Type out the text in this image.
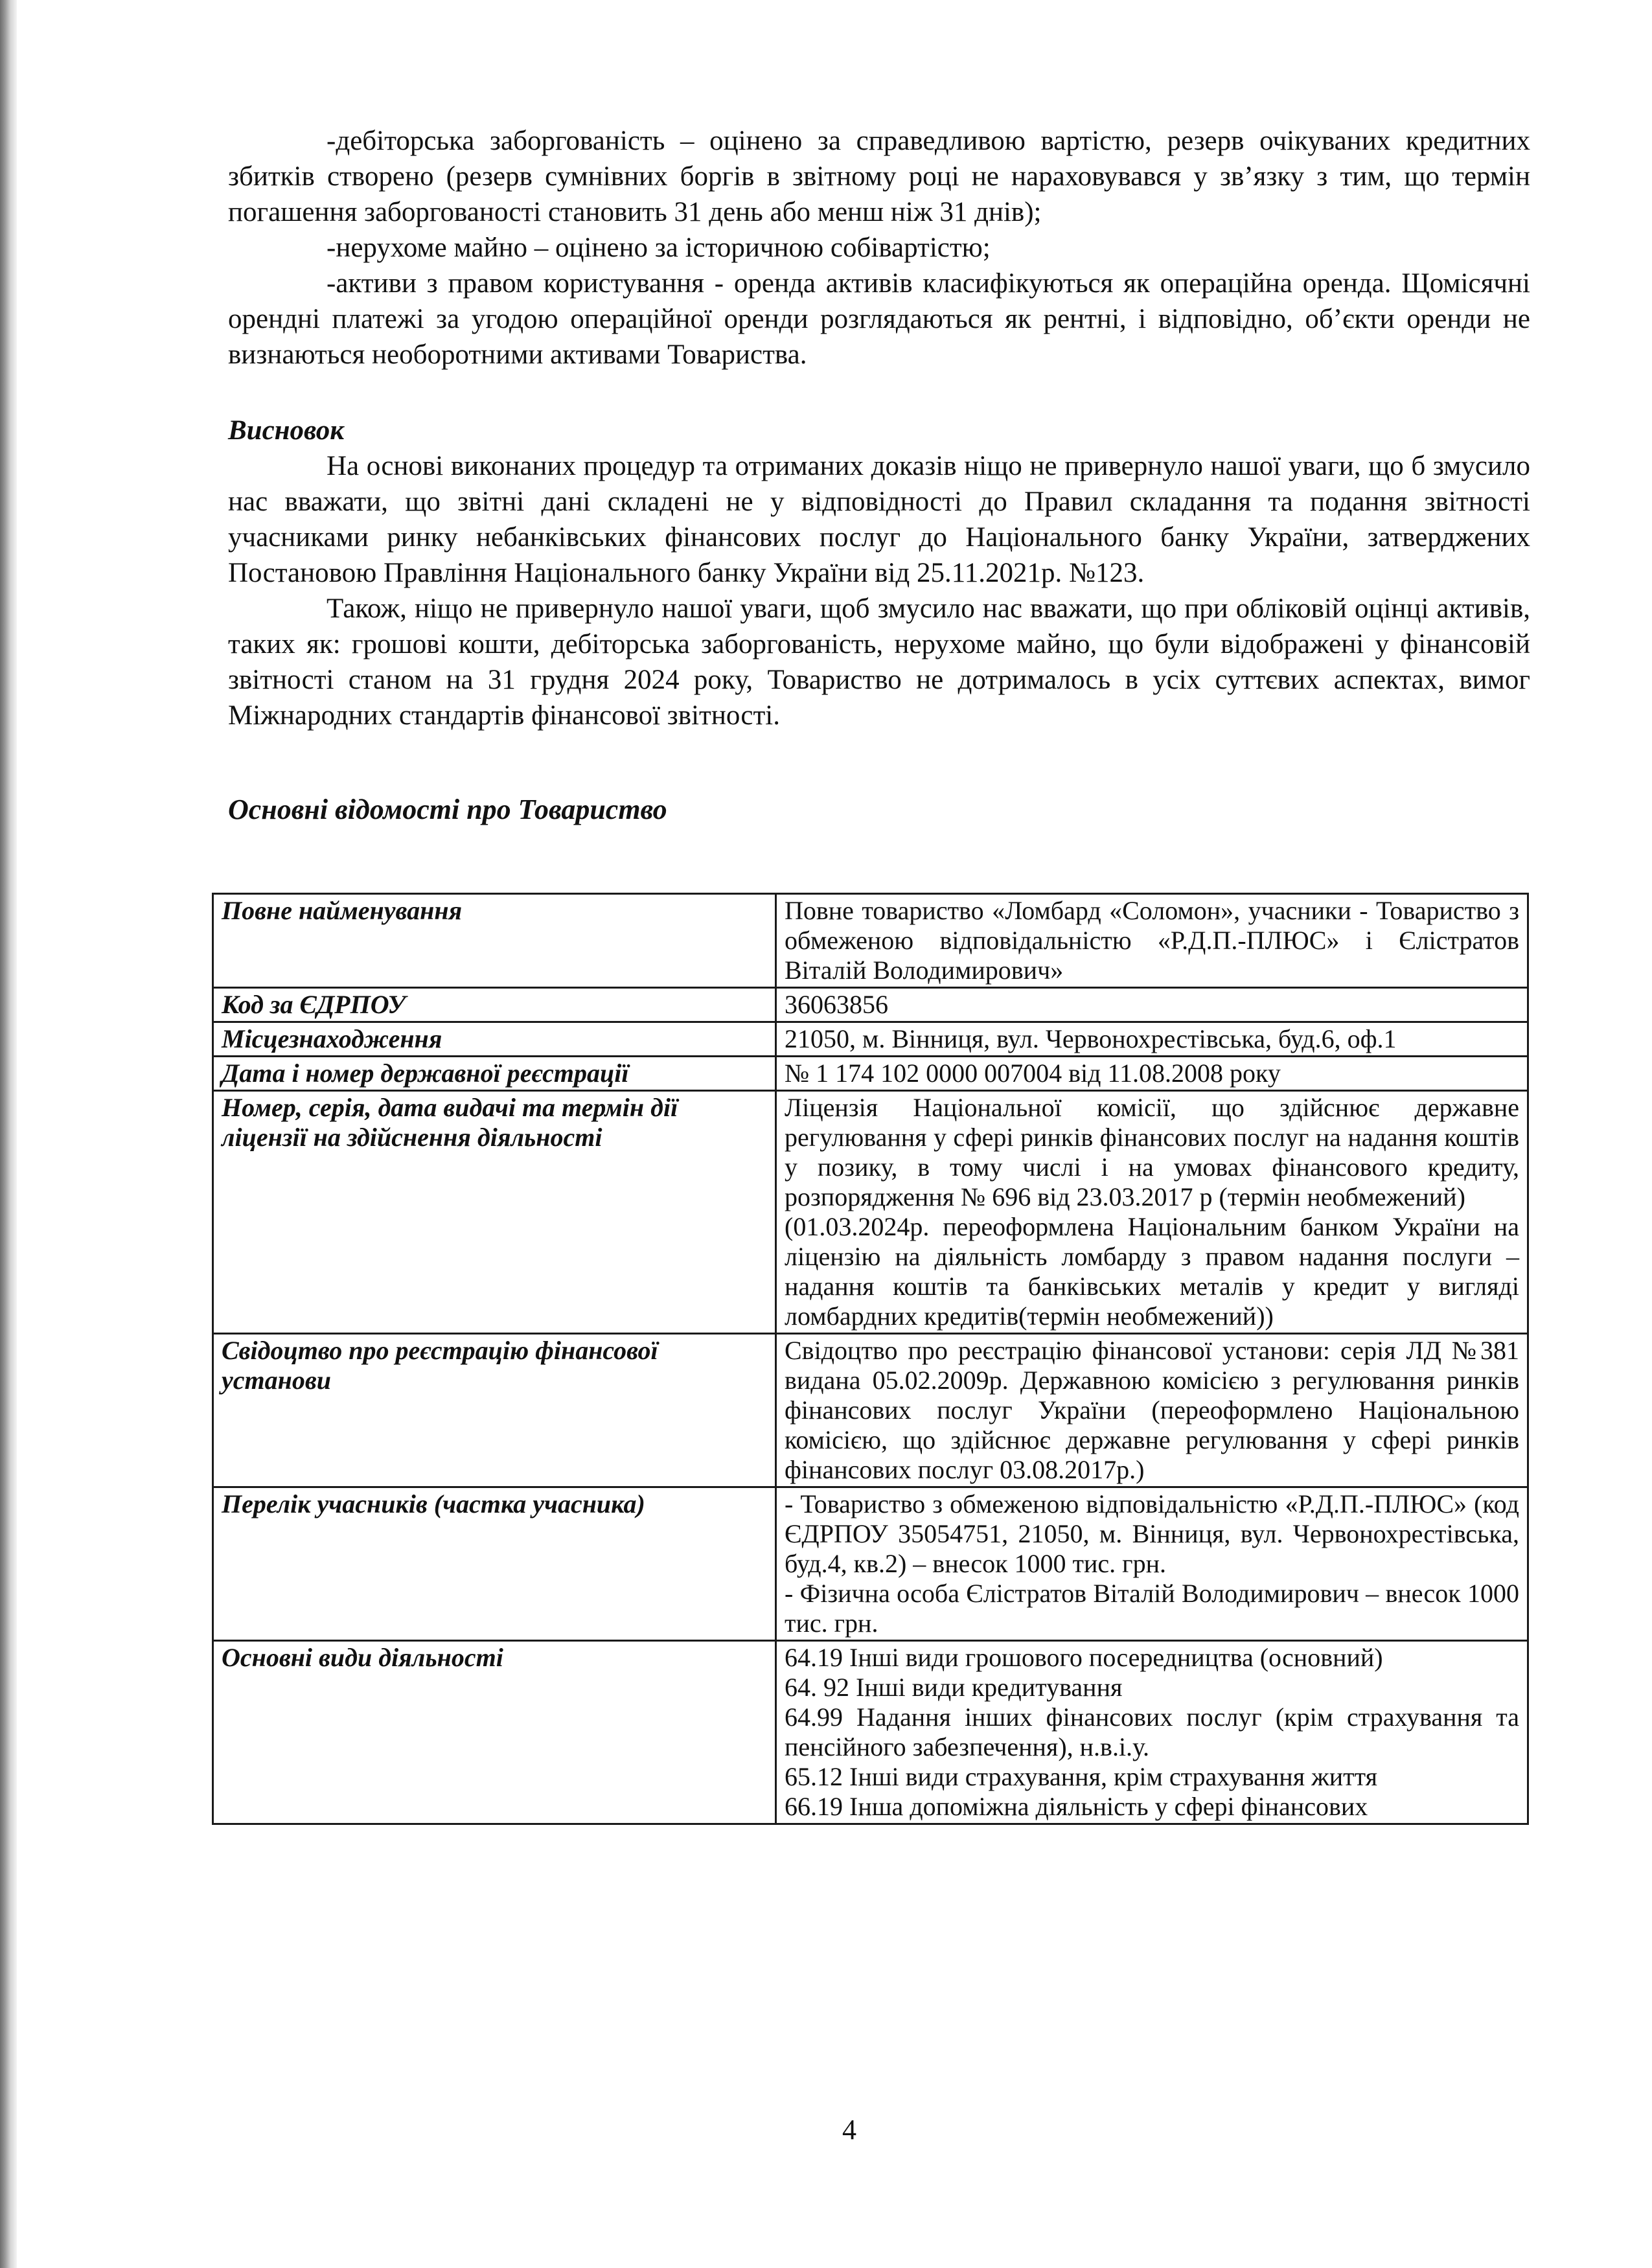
-дебіторська заборгованість – оцінено за справедливою вартістю, резерв очікуваних кредитних збитків створено (резерв сумнівних боргів в звітному році не нараховувався у зв’язку з тим, що термін погашення заборгованості становить 31 день або менш ніж 31 днів);

-нерухоме майно – оцінено за історичною собівартістю;

-активи з правом користування - оренда активів класифікуються як операційна оренда. Щомісячні орендні платежі за угодою операційної оренди розглядаються як рентні, і відповідно, об’єкти оренди не визнаються необоротними активами Товариства.

Висновок

На основі виконаних процедур та отриманих доказів ніщо не привернуло нашої уваги, що б змусило нас вважати, що звітні дані складені не у відповідності до Правил складання та подання звітності учасниками ринку небанківських фінансових послуг до Національного банку України, затверджених Постановою Правління Національного банку України від 25.11.2021р. №123.

Також, ніщо не привернуло нашої уваги, щоб змусило нас вважати, що при обліковій оцінці активів, таких як: грошові кошти, дебіторська заборгованість, нерухоме майно, що були відображені у фінансовій звітності станом на 31 грудня 2024 року, Товариство не дотрималось в усіх суттєвих аспектах, вимог Міжнародних стандартів фінансової звітності.

Основні відомості про Товариство

Повне найменування	Повне товариство «Ломбард «Соломон», учасники - Товариство з обмеженою відповідальністю «Р.Д.П.-ПЛЮС» і Єлістратов Віталій Володимирович»

Код за ЄДРПОУ	36063856

Місцезнаходження	21050, м. Вінниця, вул. Червонохрестівська, буд.6, оф.1

Дата і номер державної реєстрації	№ 1 174 102 0000 007004 від 11.08.2008 року

Номер, серія, дата видачі та термін дії ліцензії на здійснення діяльності	Ліцензія Національної комісії, що здійснює державне регулювання у сфері ринків фінансових послуг на надання коштів у позику, в тому числі і на умовах фінансового кредиту, розпорядження № 696 від 23.03.2017 р (термін необмежений)
(01.03.2024р. переоформлена Національним банком України на ліцензію на діяльність ломбарду з правом надання послуги – надання коштів та банківських металів у кредит у вигляді ломбардних кредитів(термін необмежений))

Свідоцтво про реєстрацію фінансової установи	Свідоцтво про реєстрацію фінансової установи: серія ЛД №381 видана 05.02.2009р. Державною комісією з регулювання ринків фінансових послуг України (переоформлено Національною комісією, що здійснює державне регулювання у сфері ринків фінансових послуг 03.08.2017р.)

Перелік учасників (частка учасника)	- Товариство з обмеженою відповідальністю «Р.Д.П.-ПЛЮС» (код ЄДРПОУ 35054751, 21050, м. Вінниця, вул. Червонохрестівська, буд.4, кв.2) – внесок 1000 тис. грн.
- Фізична особа Єлістратов Віталій Володимирович – внесок 1000 тис. грн.

Основні види діяльності	64.19 Інші види грошового посередництва (основний)
64. 92 Інші види кредитування
64.99 Надання інших фінансових послуг (крім страхування та пенсійного забезпечення), н.в.і.у.
65.12 Інші види страхування, крім страхування життя
66.19 Інша допоміжна діяльність у сфері фінансових
4
